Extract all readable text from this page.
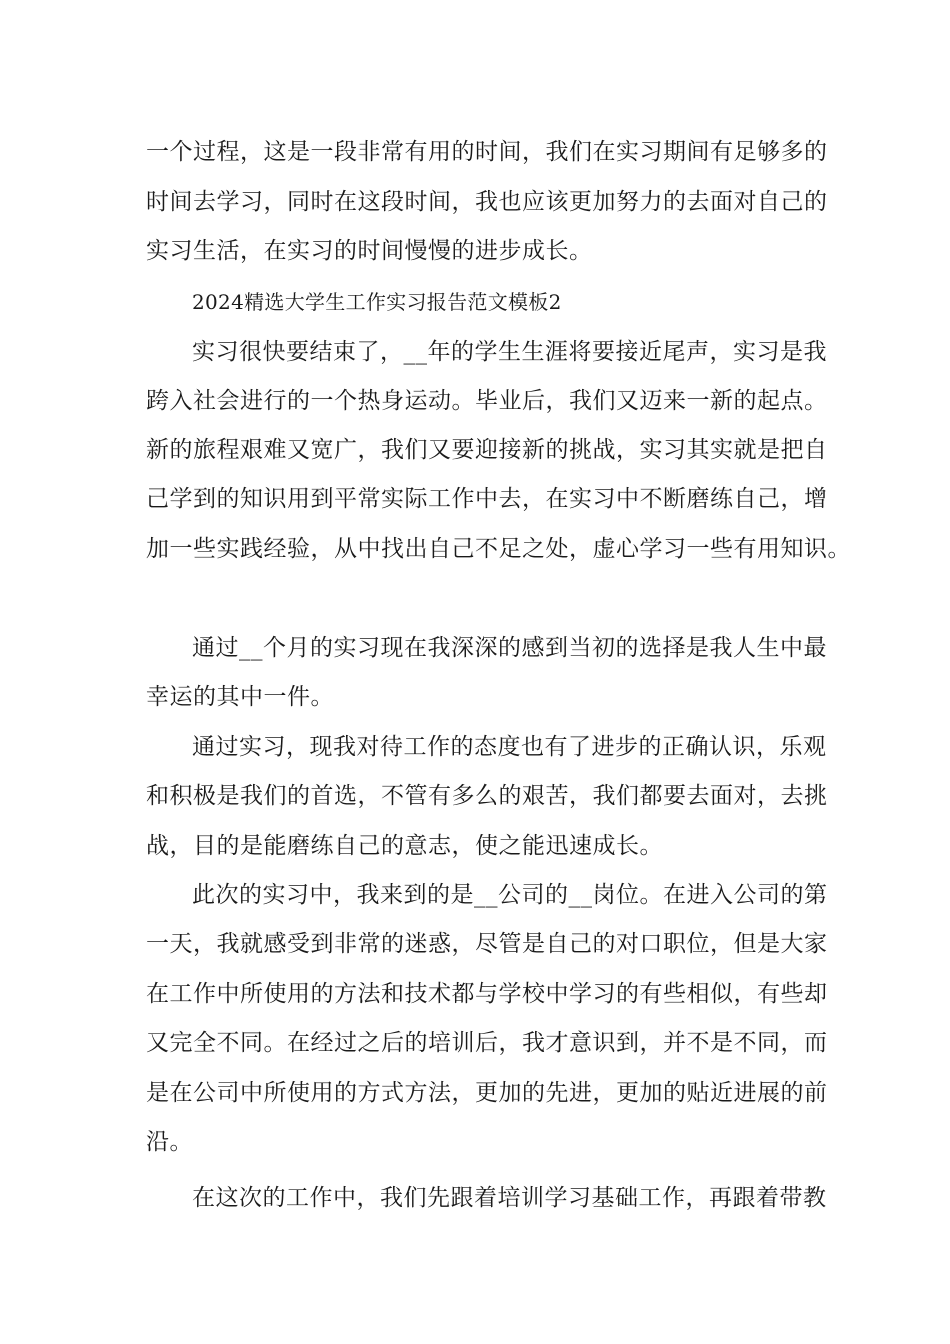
一个过程，这是一段非常有用的时间，我们在实习期间有足够多的
时间去学习，同时在这段时间，我也应该更加努力的去面对自己的
实习生活，在实习的时间慢慢的进步成长。
2024精选大学生工作实习报告范文模板2
实习很快要结束了，__年的学生生涯将要接近尾声，实习是我
跨入社会进行的一个热身运动。毕业后，我们又迈来一新的起点。
新的旅程艰难又宽广，我们又要迎接新的挑战，实习其实就是把自
己学到的知识用到平常实际工作中去，在实习中不断磨练自己，增
加一些实践经验，从中找出自己不足之处，虚心学习一些有用知识。
通过__个月的实习现在我深深的感到当初的选择是我人生中最
幸运的其中一件。
通过实习，现我对待工作的态度也有了进步的正确认识，乐观
和积极是我们的首选，不管有多么的艰苦，我们都要去面对，去挑
战，目的是能磨练自己的意志，使之能迅速成长。
此次的实习中，我来到的是__公司的__岗位。在进入公司的第
一天，我就感受到非常的迷惑，尽管是自己的对口职位，但是大家
在工作中所使用的方法和技术都与学校中学习的有些相似，有些却
又完全不同。在经过之后的培训后，我才意识到，并不是不同，而
是在公司中所使用的方式方法，更加的先进，更加的贴近进展的前
沿。
在这次的工作中，我们先跟着培训学习基础工作，再跟着带教
